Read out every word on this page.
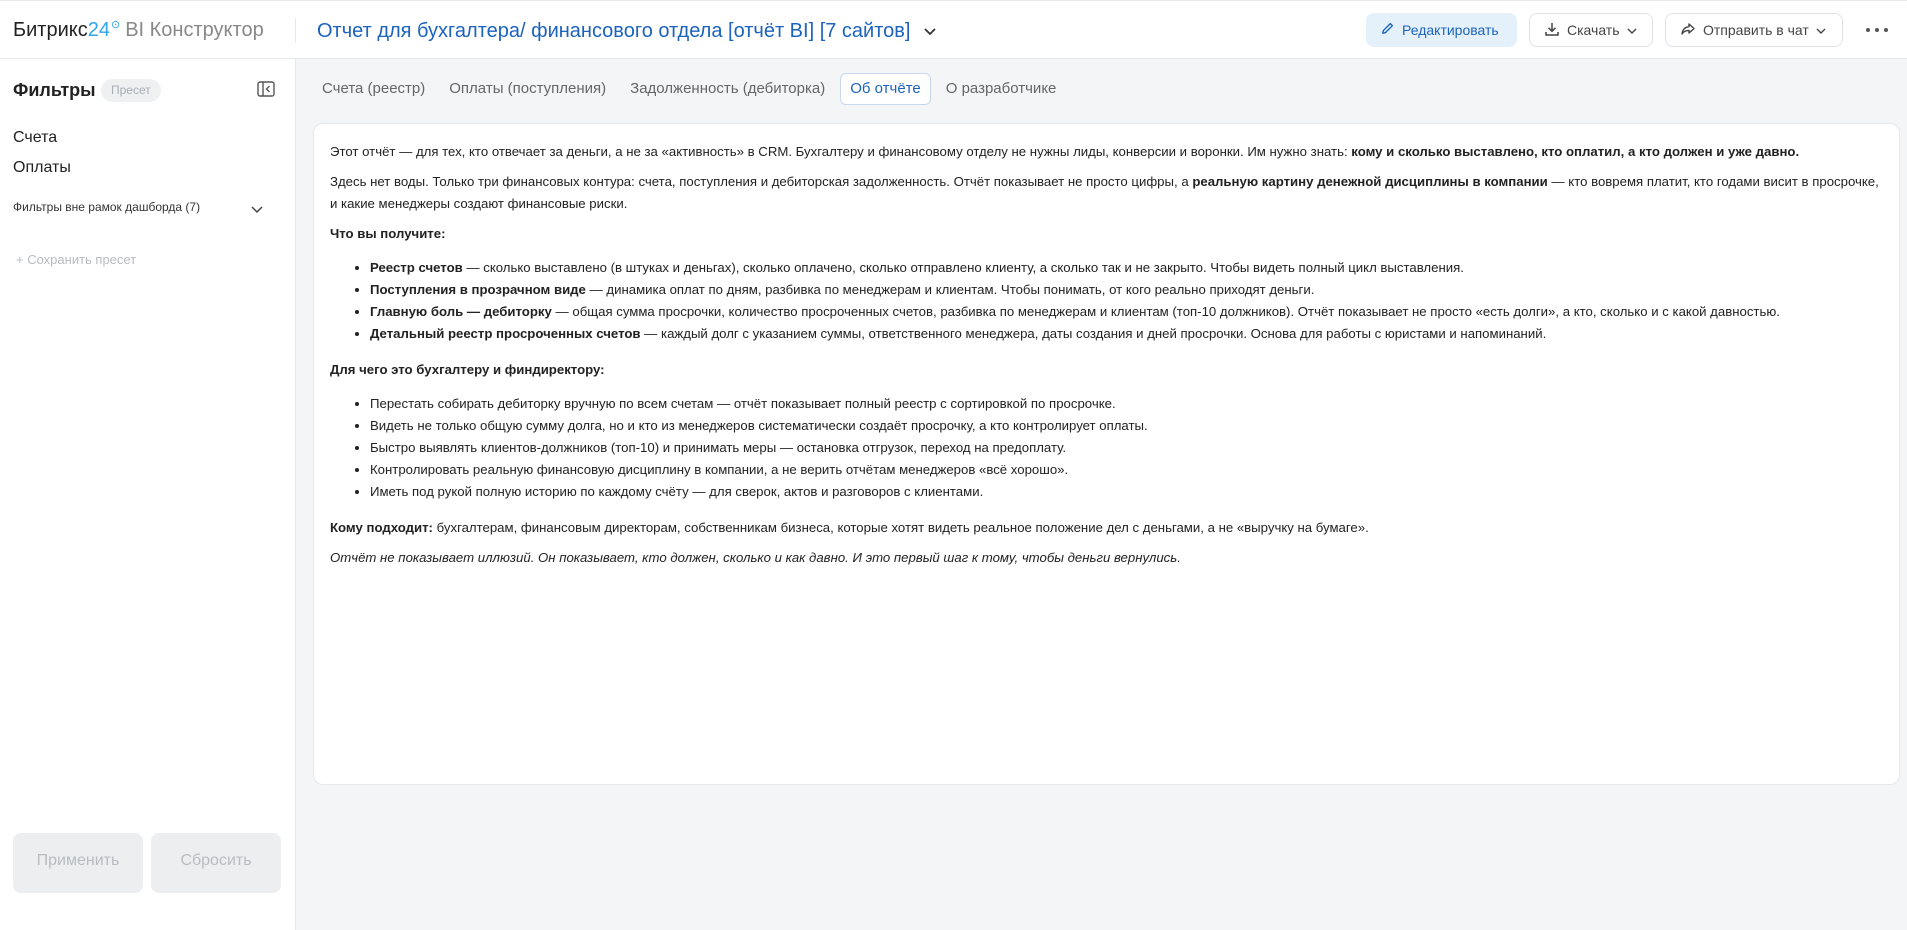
Битрикс 24 ⊙ BI Конструктор	Отчет для бухгалтера/ финансового отдела [отчёт BI] [7 сайтов]	Редактировать	Скачать	Отправить в чат
Фильтры	Пресет
Счета
Оплаты
Фильтры вне рамок дашборда (7)
+ Сохранить пресет
Применить	Сбросить
Счета (реестр)	Оплаты (поступления)	Задолженность (дебиторка)	Об отчёте	О разработчике

Этот отчёт — для тех, кто отвечает за деньги, а не за «активность» в CRM. Бухгалтеру и финансовому отделу не нужны лиды, конверсии и воронки. Им нужно знать: кому и сколько выставлено, кто оплатил, а кто должен и уже давно.

Здесь нет воды. Только три финансовых контура: счета, поступления и дебиторская задолженность. Отчёт показывает не просто цифры, а реальную картину денежной дисциплины в компании — кто вовремя платит, кто годами висит в просрочке, и какие менеджеры создают финансовые риски.

Что вы получите:
• Реестр счетов — сколько выставлено (в штуках и деньгах), сколько оплачено, сколько отправлено клиенту, а сколько так и не закрыто. Чтобы видеть полный цикл выставления.
• Поступления в прозрачном виде — динамика оплат по дням, разбивка по менеджерам и клиентам. Чтобы понимать, от кого реально приходят деньги.
• Главную боль — дебиторку — общая сумма просрочки, количество просроченных счетов, разбивка по менеджерам и клиентам (топ-10 должников). Отчёт показывает не просто «есть долги», а кто, сколько и с какой давностью.
• Детальный реестр просроченных счетов — каждый долг с указанием суммы, ответственного менеджера, даты создания и дней просрочки. Основа для работы с юристами и напоминаний.
Для чего это бухгалтеру и финдиректору:
• Перестать собирать дебиторку вручную по всем счетам — отчёт показывает полный реестр с сортировкой по просрочке.
• Видеть не только общую сумму долга, но и кто из менеджеров систематически создаёт просрочку, а кто контролирует оплаты.
• Быстро выявлять клиентов-должников (топ-10) и принимать меры — остановка отгрузок, переход на предоплату.
• Контролировать реальную финансовую дисциплину в компании, а не верить отчётам менеджеров «всё хорошо».
• Иметь под рукой полную историю по каждому счёту — для сверок, актов и разговоров с клиентами.

Кому подходит: бухгалтерам, финансовым директорам, собственникам бизнеса, которые хотят видеть реальное положение дел с деньгами, а не «выручку на бумаге».

Отчёт не показывает иллюзий. Он показывает, кто должен, сколько и как давно. И это первый шаг к тому, чтобы деньги вернулись.
